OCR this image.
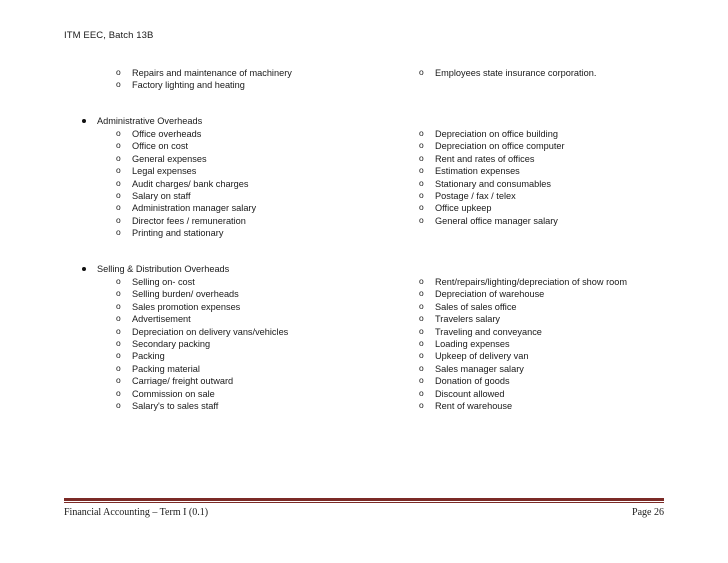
ITM EEC, Batch 13B
o Repairs and maintenance of machinery
o Factory lighting and heating
o Employees state insurance corporation.
Administrative Overheads
o Office overheads
o Office on cost
o General expenses
o Legal expenses
o Audit charges/ bank charges
o Salary on staff
o Administration manager salary
o Director fees / remuneration
o Printing and stationary
o Depreciation on office building
o Depreciation on office computer
o Rent and rates of offices
o Estimation expenses
o Stationary and consumables
o Postage / fax / telex
o Office upkeep
o General office manager salary
Selling & Distribution Overheads
o Selling on- cost
o Selling burden/ overheads
o Sales promotion expenses
o Advertisement
o Depreciation on delivery vans/vehicles
o Secondary packing
o Packing
o Packing material
o Carriage/ freight outward
o Commission on sale
o Salary's to sales staff
o Rent/repairs/lighting/depreciation of show room
o Depreciation of warehouse
o Sales of sales office
o Travelers salary
o Traveling and conveyance
o Loading expenses
o Upkeep of delivery van
o Sales manager salary
o Donation of goods
o Discount allowed
o Rent of warehouse
Financial Accounting – Term I (0.1)	Page 26
